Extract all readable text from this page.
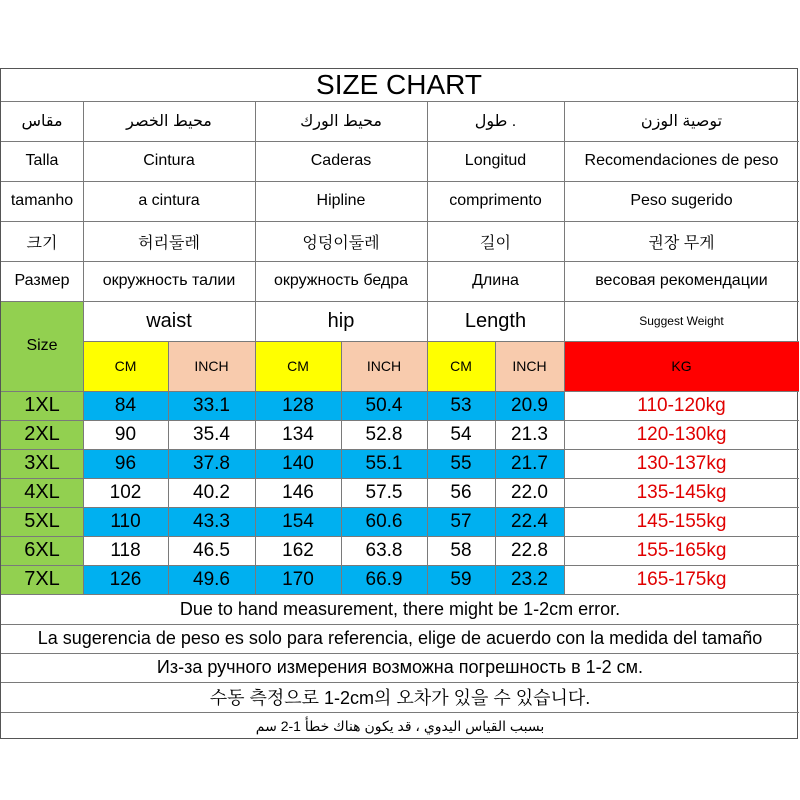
SIZE CHART
مقاس	محيط الخصر	محيط الورك	طول .	توصية الوزن
Talla	Cintura	Caderas	Longitud	Recomendaciones de peso
tamanho	a cintura	Hipline	comprimento	Peso sugerido
크기	허리둘레	엉덩이둘레	길이	권장 무게
Размер	окружность талии	окружность бедра	Длина	весовая рекомендации
Size
waist	hip	Length	Suggest Weight
CM	INCH	CM	INCH	CM	INCH	KG
1XL	84	33.1	128	50.4	53	20.9	110-120kg
2XL	90	35.4	134	52.8	54	21.3	120-130kg
3XL	96	37.8	140	55.1	55	21.7	130-137kg
4XL	102	40.2	146	57.5	56	22.0	135-145kg
5XL	110	43.3	154	60.6	57	22.4	145-155kg
6XL	118	46.5	162	63.8	58	22.8	155-165kg
7XL	126	49.6	170	66.9	59	23.2	165-175kg
Due to hand measurement, there might be 1-2cm error.
La sugerencia de peso es solo para referencia, elige de acuerdo con la medida del tamaño
Из-за ручного измерения возможна погрешность в 1-2 см.
수동 측정으로 1-2cm의 오차가 있을 수 있습니다.
بسبب القياس اليدوي ، قد يكون هناك خطأ 1-2 سم
